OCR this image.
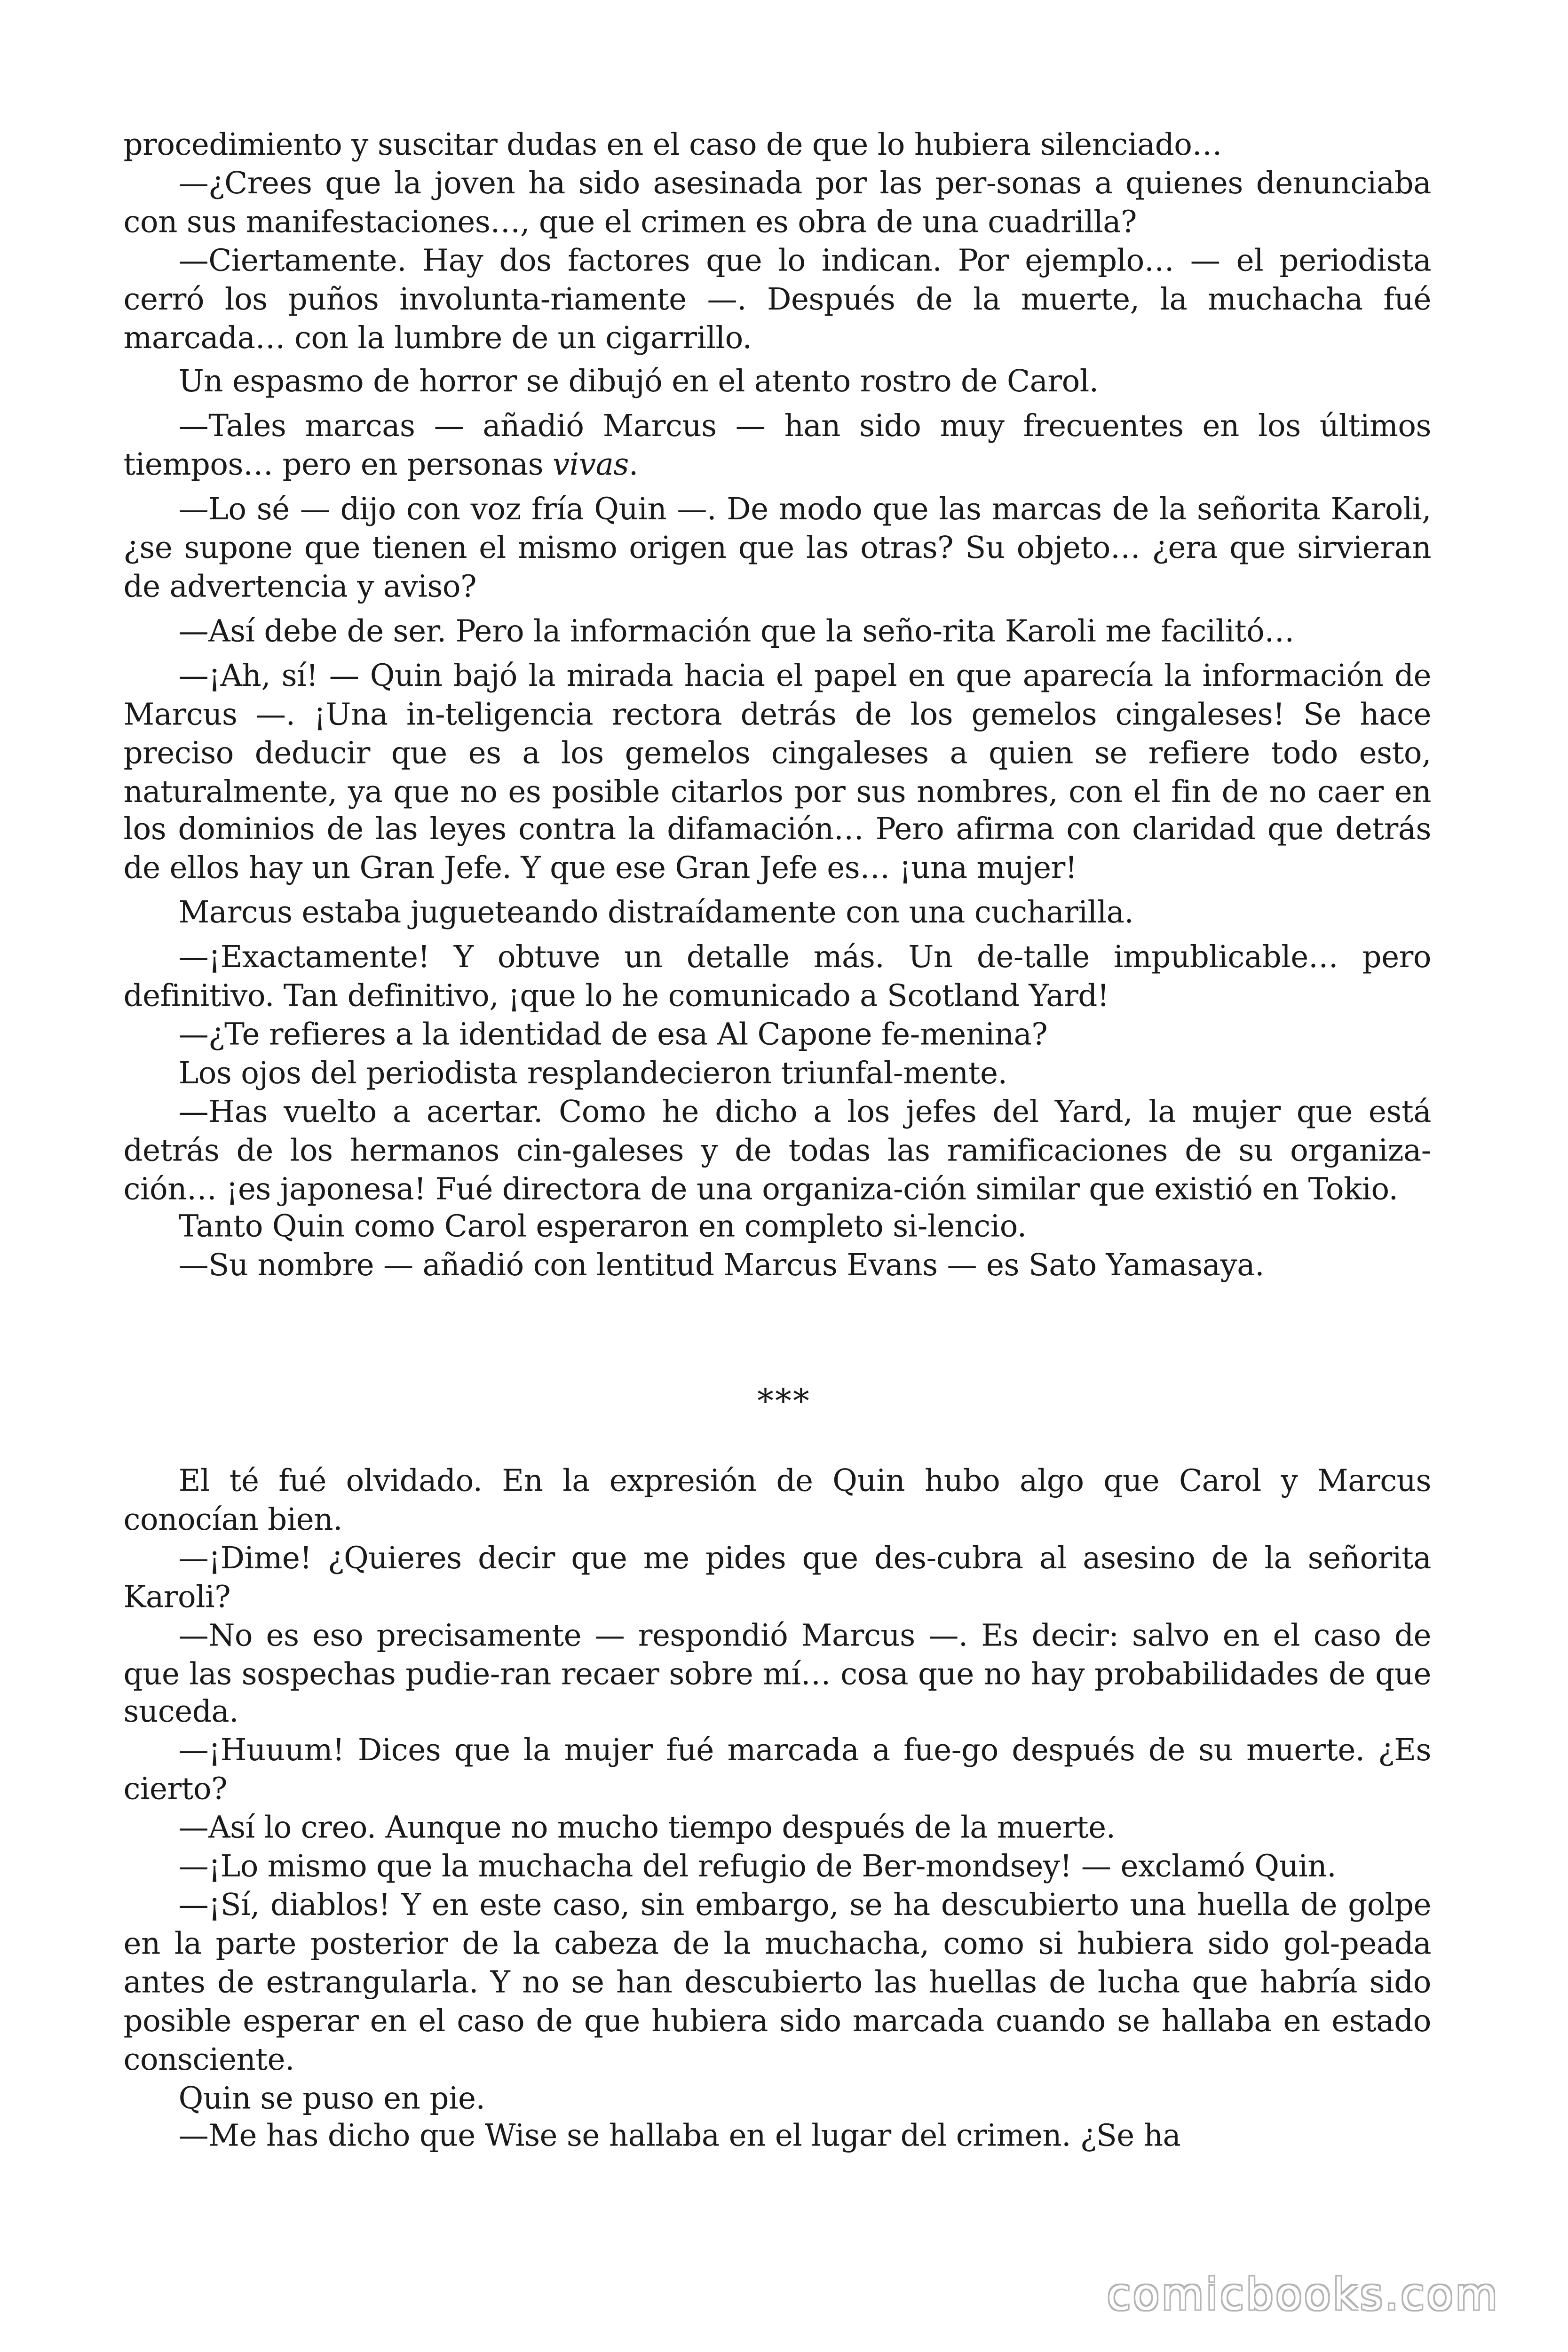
procedimiento y suscitar dudas en el caso de que lo hubiera silenciado…

—¿Crees que la joven ha sido asesinada por las per-sonas a quienes denunciaba con sus manifestaciones…, que el crimen es obra de una cuadrilla?

—Ciertamente. Hay dos factores que lo indican. Por ejemplo… — el periodista cerró los puños involunta-riamente —. Después de la muerte, la muchacha fué marcada… con la lumbre de un cigarrillo.

Un espasmo de horror se dibujó en el atento rostro de Carol.

—Tales marcas — añadió Marcus — han sido muy frecuentes en los últimos tiempos… pero en personas vivas.

—Lo sé — dijo con voz fría Quin —. De modo que las marcas de la señorita Karoli, ¿se supone que tienen el mismo origen que las otras? Su objeto… ¿era que sirvieran de advertencia y aviso?

—Así debe de ser. Pero la información que la seño-rita Karoli me facilitó…

—¡Ah, sí! — Quin bajó la mirada hacia el papel en que aparecía la información de Marcus —. ¡Una in-teligencia rectora detrás de los gemelos cingaleses! Se hace preciso deducir que es a los gemelos cingaleses a quien se refiere todo esto, naturalmente, ya que no es posible citarlos por sus nombres, con el fin de no caer en los dominios de las leyes contra la difamación… Pero afirma con claridad que detrás de ellos hay un Gran Jefe. Y que ese Gran Jefe es… ¡una mujer!

Marcus estaba jugueteando distraídamente con una cucharilla.

—¡Exactamente! Y obtuve un detalle más. Un de-talle impublicable… pero definitivo. Tan definitivo, ¡que lo he comunicado a Scotland Yard!

—¿Te refieres a la identidad de esa Al Capone fe-menina?

Los ojos del periodista resplandecieron triunfal-mente.

—Has vuelto a acertar. Como he dicho a los jefes del Yard, la mujer que está detrás de los hermanos cin-galeses y de todas las ramificaciones de su organiza-ción… ¡es japonesa! Fué directora de una organiza-ción similar que existió en Tokio.

Tanto Quin como Carol esperaron en completo si-lencio.

—Su nombre — añadió con lentitud Marcus Evans — es Sato Yamasaya.

***

El té fué olvidado. En la expresión de Quin hubo algo que Carol y Marcus conocían bien.

—¡Dime! ¿Quieres decir que me pides que des-cubra al asesino de la señorita Karoli?

—No es eso precisamente — respondió Marcus —. Es decir: salvo en el caso de que las sospechas pudie-ran recaer sobre mí… cosa que no hay probabilidades de que suceda.

—¡Huuum! Dices que la mujer fué marcada a fue-go después de su muerte. ¿Es cierto?

—Así lo creo. Aunque no mucho tiempo después de la muerte.

—¡Lo mismo que la muchacha del refugio de Ber-mondsey! — exclamó Quin.

—¡Sí, diablos! Y en este caso, sin embargo, se ha descubierto una huella de golpe en la parte posterior de la cabeza de la muchacha, como si hubiera sido gol-peada antes de estrangularla. Y no se han descubierto las huellas de lucha que habría sido posible esperar en el caso de que hubiera sido marcada cuando se hallaba en estado consciente.

Quin se puso en pie.

—Me has dicho que Wise se hallaba en el lugar del crimen. ¿Se ha

comicbooks.com
